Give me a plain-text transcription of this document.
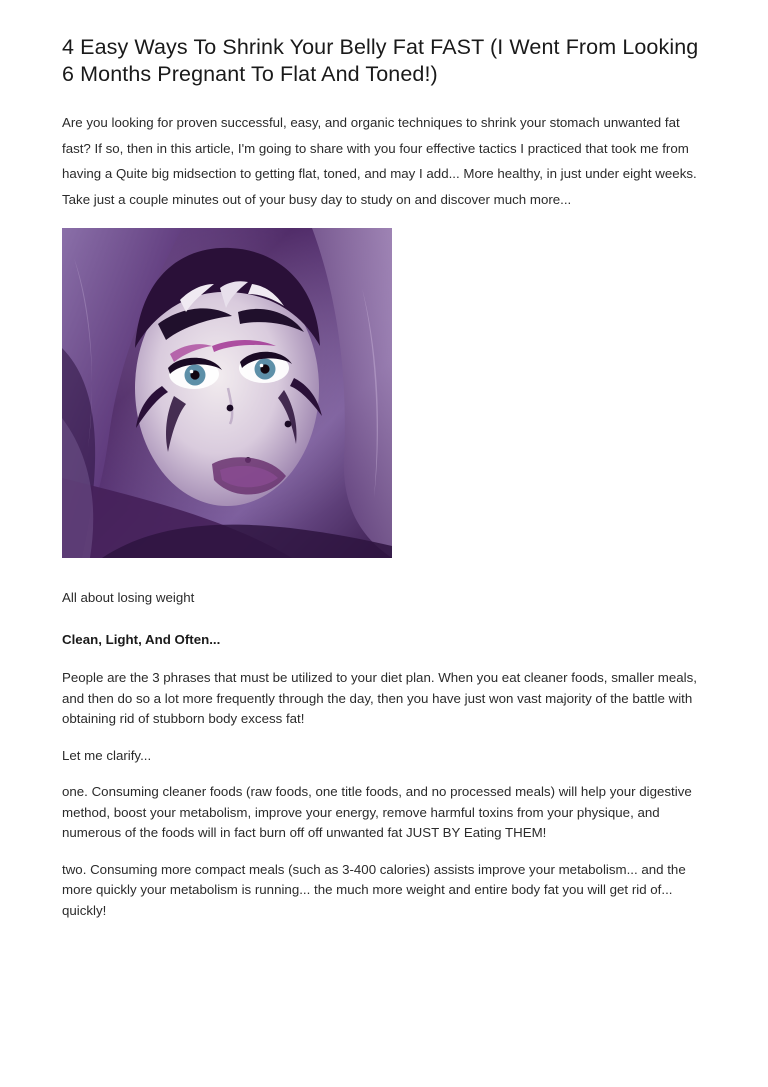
4 Easy Ways To Shrink Your Belly Fat FAST (I Went From Looking 6 Months Pregnant To Flat And Toned!)

Are you looking for proven successful, easy, and organic techniques to shrink your stomach unwanted fat fast? If so, then in this article, I'm going to share with you four effective tactics I practiced that took me from having a Quite big midsection to getting flat, toned, and may I add... More healthy, in just under eight weeks. Take just a couple minutes out of your busy day to study on and discover much more...

All about losing weight

Clean, Light, And Often...

People are the 3 phrases that must be utilized to your diet plan. When you eat cleaner foods, smaller meals, and then do so a lot more frequently through the day, then you have just won vast majority of the battle with obtaining rid of stubborn body excess fat!

Let me clarify...

one. Consuming cleaner foods (raw foods, one title foods, and no processed meals) will help your digestive method, boost your metabolism, improve your energy, remove harmful toxins from your physique, and numerous of the foods will in fact burn off off unwanted fat JUST BY Eating THEM!

two. Consuming more compact meals (such as 3-400 calories) assists improve your metabolism... and the more quickly your metabolism is running... the much more weight and entire body fat you will get rid of... quickly!
